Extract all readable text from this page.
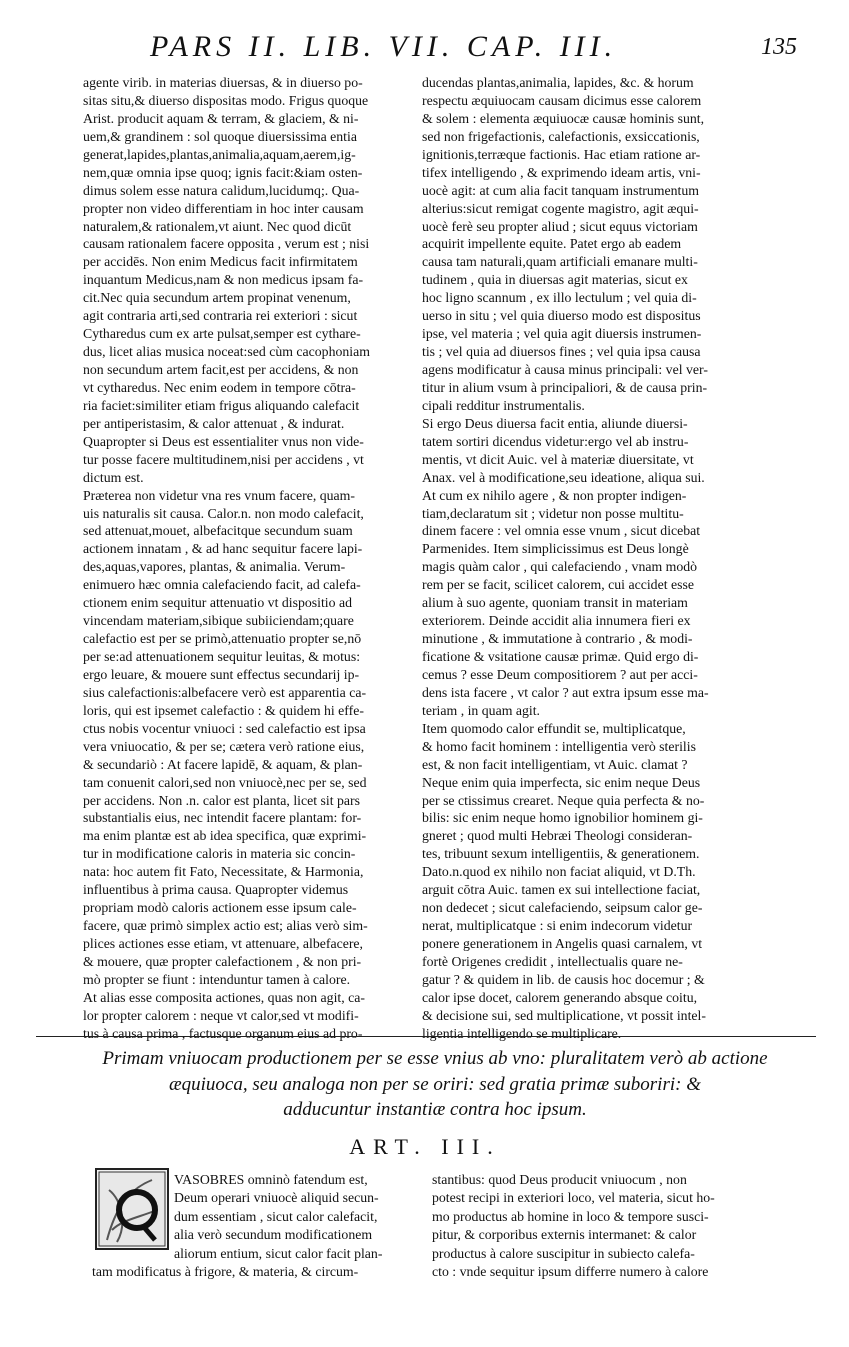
PARS II. LIB. VII. CAP. III.	135
agente virib. in materias diuersas, & in diuerso po-
sitas situ,& diuerso dispositas modo. Frigus quoque
Arist. producit aquam & terram, & glaciem, & ni-
uem,& grandinem : sol quoque diuersissima entia
generat,lapides,plantas,animalia,aquam,aerem,ig-
nem,quæ omnia ipse quoq; ignis facit:&iam osten-
dimus solem esse natura calidum,lucidumq;. Qua-
propter non video differentiam in hoc inter causam
naturalem,& rationalem,vt aiunt. Nec quod dicūt
causam rationalem facere opposita , verum est ; nisi
per accidēs. Non enim Medicus facit infirmitatem
inquantum Medicus,nam & non medicus ipsam fa-
cit.Nec quia secundum artem propinat venenum,
agit contraria arti,sed contraria rei exteriori : sicut
Cytharedus cum ex arte pulsat,semper est cythare-
dus, licet alias musica noceat:sed cùm cacophoniam
non secundum artem facit,est per accidens, & non
vt cytharedus. Nec enim eodem in tempore cōtra-
ria faciet:similiter etiam frigus aliquando calefacit
per antiperistasim, & calor attenuat , & indurat.
Quapropter si Deus est essentialiter vnus non vide-
tur posse facere multitudinem,nisi per accidens , vt
dictum est.
Præterea non videtur vna res vnum facere, quam-
uis naturalis sit causa. Calor.n. non modo calefacit,
sed attenuat,mouet, albefacitque secundum suam
actionem innatam , & ad hanc sequitur facere lapi-
des,aquas,vapores, plantas, & animalia. Verum-
enimuero hæc omnia calefaciendo facit, ad calefa-
ctionem enim sequitur attenuatio vt dispositio ad
vincendam materiam,sibique subiiciendam;quare
calefactio est per se primò,attenuatio propter se,nō
per se:ad attenuationem sequitur leuitas, & motus:
ergo leuare, & mouere sunt effectus secundarij ip-
sius calefactionis:albefacere verò est apparentia ca-
loris, qui est ipsemet calefactio : & quidem hi effe-
ctus nobis vocentur vniuoci : sed calefactio est ipsa
vera vniuocatio, & per se; cætera verò ratione eius,
& secundariò : At facere lapidē, & aquam, & plan-
tam conuenit calori,sed non vniuocè,nec per se, sed
per accidens. Non .n. calor est planta, licet sit pars
substantialis eius, nec intendit facere plantam: for-
ma enim plantæ est ab idea specifica, quæ exprimi-
tur in modificatione caloris in materia sic concin-
nata: hoc autem fit Fato, Necessitate, & Harmonia,
influentibus à prima causa. Quapropter videmus
propriam modò caloris actionem esse ipsum cale-
facere, quæ primò simplex actio est; alias verò sim-
plices actiones esse etiam, vt attenuare, albefacere,
& mouere, quæ propter calefactionem , & non pri-
mò propter se fiunt : intenduntur tamen à calore.
At alias esse composita actiones, quas non agit, ca-
lor propter calorem : neque vt calor,sed vt modifi-
tus à causa prima , factusque organum eius ad pro-
ducendas plantas,animalia, lapides, &c. & horum
respectu æquiuocam causam dicimus esse calorem
& solem : elementa æquiuocæ causæ hominis sunt,
sed non frigefactionis, calefactionis, exsiccationis,
ignitionis,terræque factionis. Hac etiam ratione ar-
tifex intelligendo , & exprimendo ideam artis, vni-
uocè agit: at cum alia facit tanquam instrumentum
alterius:sicut remigat cogente magistro, agit æqui-
uocè ferè seu propter aliud ; sicut equus victoriam
acquirit impellente equite. Patet ergo ab eadem
causa tam naturali,quam artificiali emanare multi-
tudinem , quia in diuersas agit materias, sicut ex
hoc ligno scannum , ex illo lectulum ; vel quia di-
uerso in situ ; vel quia diuerso modo est dispositus
ipse, vel materia ; vel quia agit diuersis instrumen-
tis ; vel quia ad diuersos fines ; vel quia ipsa causa
agens modificatur à causa minus principali: vel ver-
titur in alium vsum à principaliori, & de causa prin-
cipali redditur instrumentalis.
Si ergo Deus diuersa facit entia, aliunde diuersi-
tatem sortiri dicendus videtur:ergo vel ab instru-
mentis, vt dicit Auic. vel à materiæ diuersitate, vt
Anax. vel à modificatione,seu ideatione, aliqua sui.
At cum ex nihilo agere , & non propter indigen-
tiam,declaratum sit ; videtur non posse multitu-
dinem facere : vel omnia esse vnum , sicut dicebat
Parmenides. Item simplicissimus est Deus longè
magis quàm calor , qui calefaciendo , vnam modò
rem per se facit, scilicet calorem, cui accidet esse
alium à suo agente, quoniam transit in materiam
exteriorem. Deinde accidit alia innumera fieri ex
minutione , & immutatione à contrario , & modi-
ficatione & vsitatione causæ primæ. Quid ergo di-
cemus ? esse Deum compositiorem ? aut per acci-
dens ista facere , vt calor ? aut extra ipsum esse ma-
teriam , in quam agit.
Item quomodo calor effundit se, multiplicatque,
& homo facit hominem : intelligentia verò sterilis
est, & non facit intelligentiam, vt Auic. clamat ?
Neque enim quia imperfecta, sic enim neque Deus
per se ctissimus crearet. Neque quia perfecta & no-
bilis: sic enim neque homo ignobilior hominem gi-
gneret ; quod multi Hebræi Theologi consideran-
tes, tribuunt sexum intelligentiis, & generationem.
Dato.n.quod ex nihilo non faciat aliquid, vt D.Th.
arguit cōtra Auic. tamen ex sui intellectione faciat,
non dedecet ; sicut calefaciendo, seipsum calor ge-
nerat, multiplicatque : si enim indecorum videtur
ponere generationem in Angelis quasi carnalem, vt
fortè Origenes credidit , intellectualis quare ne-
gatur ? & quidem in lib. de causis hoc docemur ; &
calor ipse docet, calorem generando absque coitu,
& decisione sui, sed multiplicatione, vt possit intel-
ligentia intelligendo se multiplicare.
Primam vniuocam productionem per se esse vnius ab vno: pluralitatem verò ab actione
æquiuoca, seu analoga non per se oriri: sed gratia primæ suboriri: &
adducuntur instantiæ contra hoc ipsum.
ART. III.
VASOBRES omninò fatendum est,
Deum operari vniuocè aliquid secun-
dum essentiam , sicut calor calefacit,
alia verò secundum modificationem
aliorum entium, sicut calor facit plan-
tam modificatus à frigore, & materia, & circum-
stantibus: quod Deus producit vniuocum , non
potest recipi in exteriori loco, vel materia, sicut ho-
mo productus ab homine in loco & tempore susci-
pitur, & corporibus externis intermanet: & calor
productus à calore suscipitur in subiecto calefa-
cto : vnde sequitur ipsum differre numero à calore
